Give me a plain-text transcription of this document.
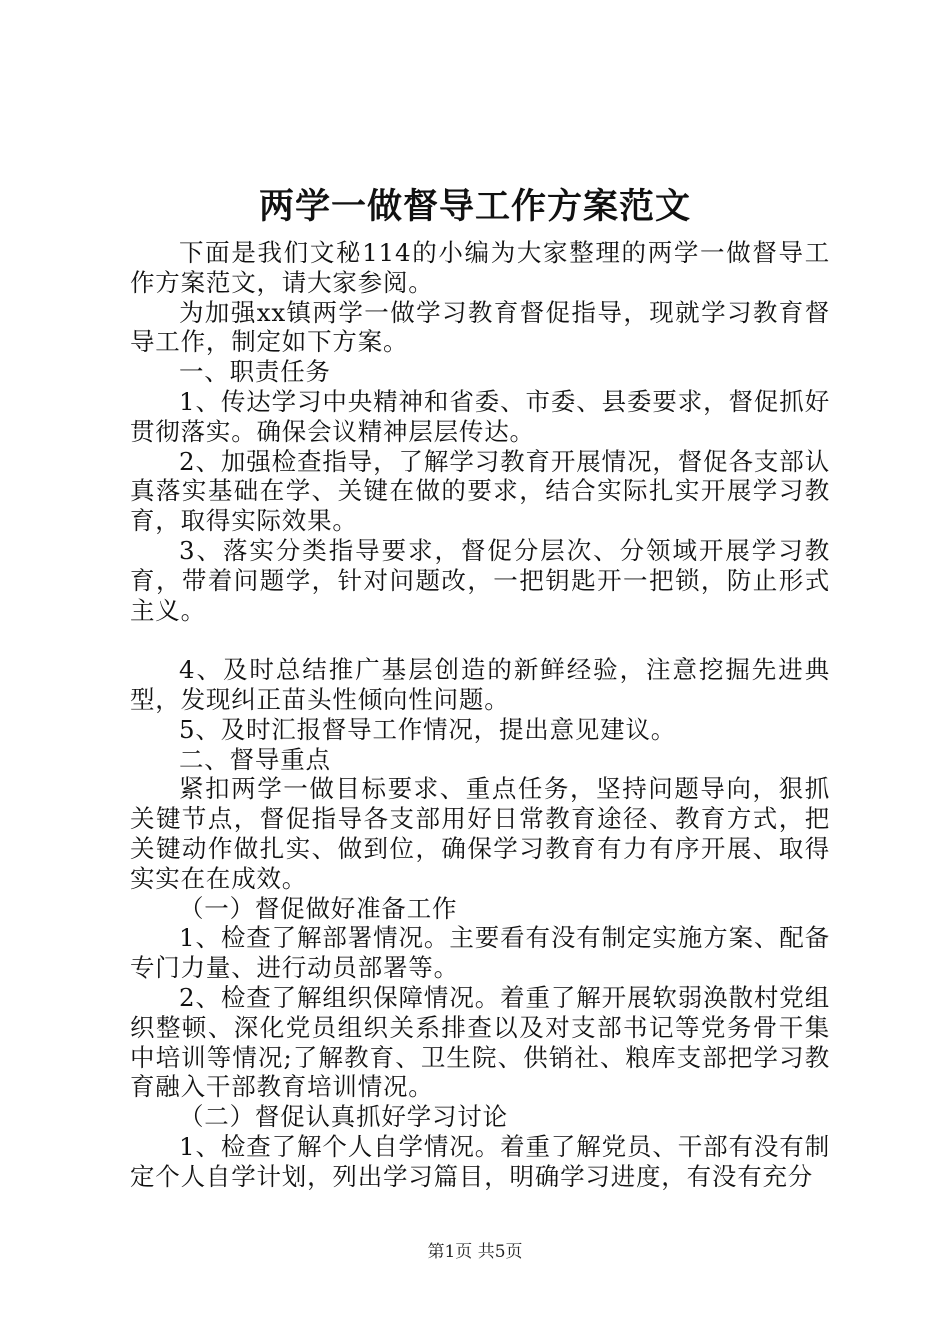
两学一做督导工作方案范文

下面是我们文秘114的小编为大家整理的两学一做督导工作方案范文，请大家参阅。

为加强xx镇两学一做学习教育督促指导，现就学习教育督导工作，制定如下方案。

一、职责任务

1、传达学习中央精神和省委、市委、县委要求，督促抓好贯彻落实。确保会议精神层层传达。

2、加强检查指导，了解学习教育开展情况，督促各支部认真落实基础在学、关键在做的要求，结合实际扎实开展学习教育，取得实际效果。

3、落实分类指导要求，督促分层次、分领域开展学习教育，带着问题学，针对问题改，一把钥匙开一把锁，防止形式主义。

4、及时总结推广基层创造的新鲜经验，注意挖掘先进典型，发现纠正苗头性倾向性问题。

5、及时汇报督导工作情况，提出意见建议。

二、督导重点

紧扣两学一做目标要求、重点任务，坚持问题导向，狠抓关键节点，督促指导各支部用好日常教育途径、教育方式，把关键动作做扎实、做到位，确保学习教育有力有序开展、取得实实在在成效。

（一）督促做好准备工作

1、检查了解部署情况。主要看有没有制定实施方案、配备专门力量、进行动员部署等。

2、检查了解组织保障情况。着重了解开展软弱涣散村党组织整顿、深化党员组织关系排查以及对支部书记等党务骨干集中培训等情况;了解教育、卫生院、供销社、粮库支部把学习教育融入干部教育培训情况。

（二）督促认真抓好学习讨论

1、检查了解个人自学情况。着重了解党员、干部有没有制定个人自学计划，列出学习篇目，明确学习进度，有没有充分

第1页 共5页
